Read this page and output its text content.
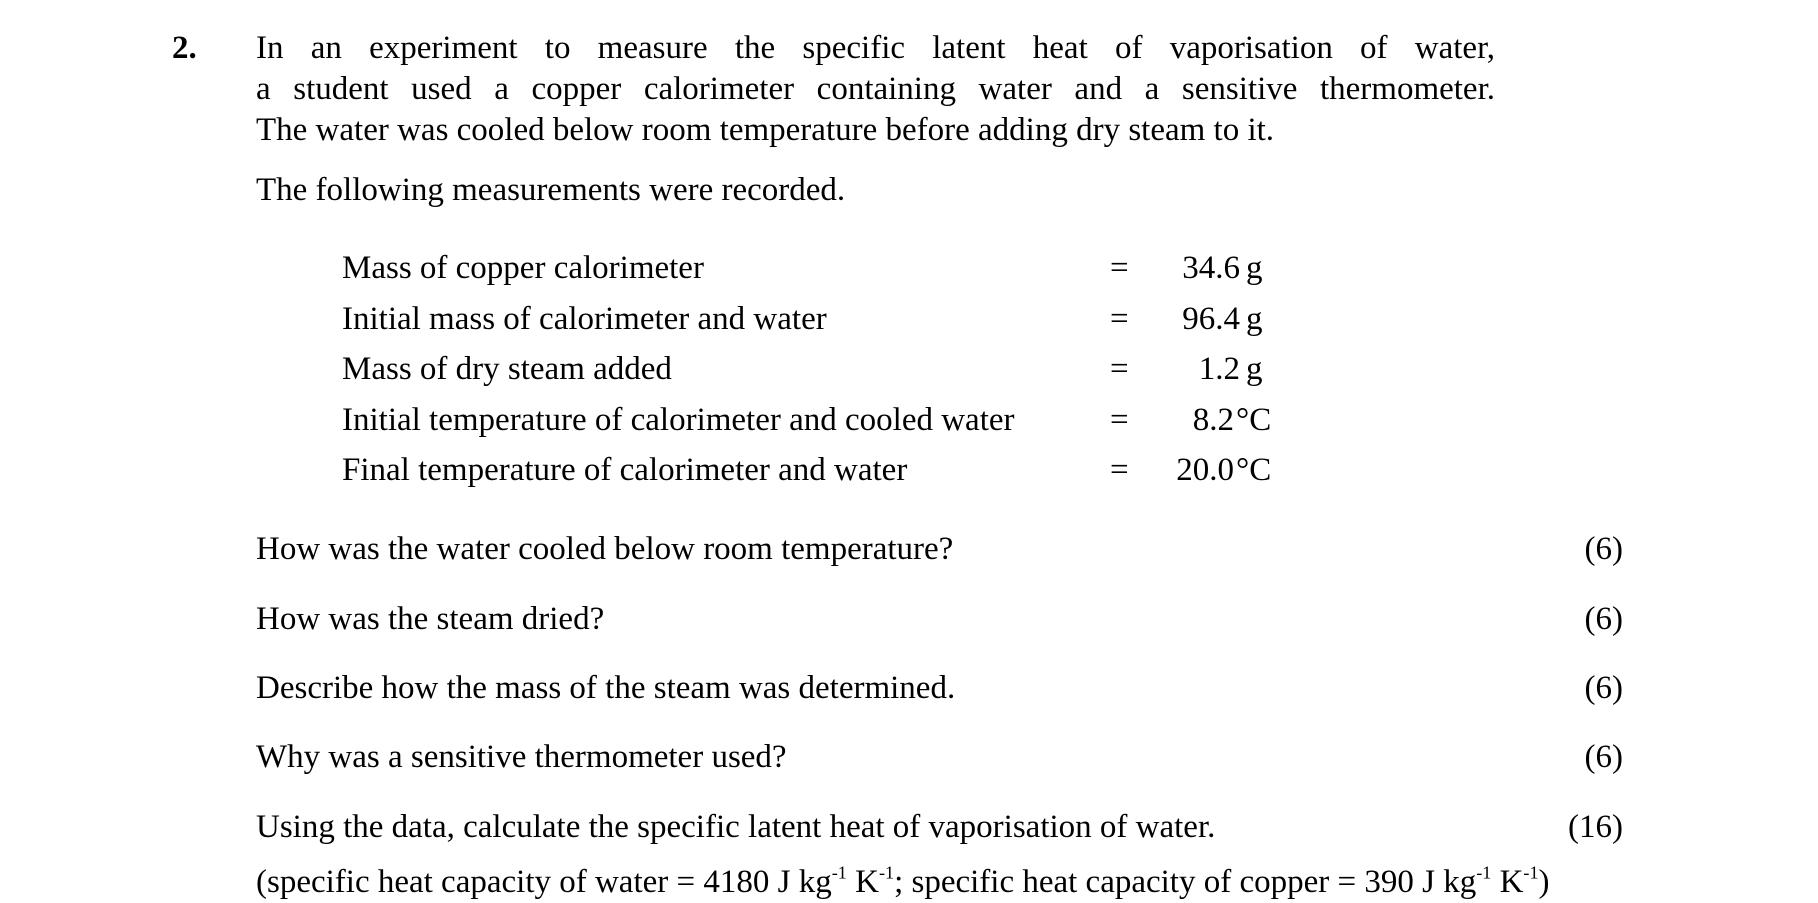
2. In an experiment to measure the specific latent heat of vaporisation of water,
a student used a copper calorimeter containing water and a sensitive thermometer.
The water was cooled below room temperature before adding dry steam to it.
The following measurements were recorded.
Mass of copper calorimeter	=	34.6 g
Initial mass of calorimeter and water	=	96.4 g
Mass of dry steam added	=	1.2 g
Initial temperature of calorimeter and cooled water	=	8.2°C
Final temperature of calorimeter and water	= 20.0°C
How was the water cooled below room temperature?	(6)
How was the steam dried?	(6)
Describe how the mass of the steam was determined.	(6)
Why was a sensitive thermometer used?	(6)
Using the data, calculate the specific latent heat of vaporisation of water.	(16)
(specific heat capacity of water = 4180 J $kg^{-1}$ $K^{-1}$; specific heat capacity of copper = 390 J $kg^{-1}$ $K^{-1}$)
